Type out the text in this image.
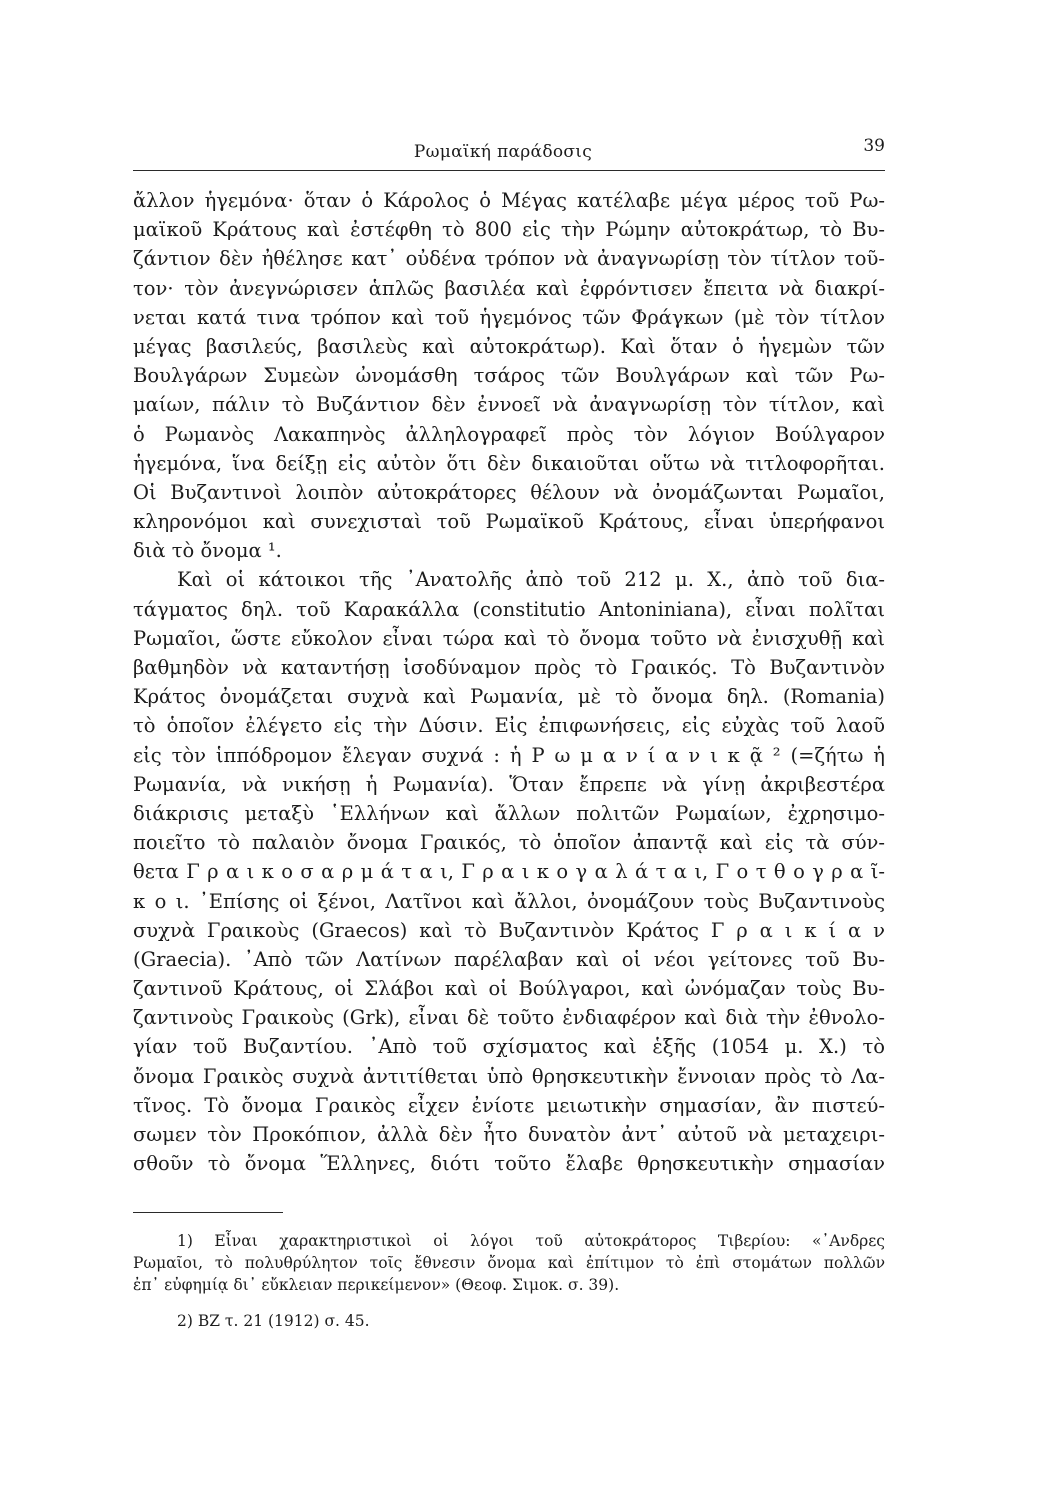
Ρωμαϊκή παράδοσις	39
ἄλλον ἡγεμόνα· ὅταν ὁ Κάρολος ὁ Μέγας κατέλαβε μέγα μέρος τοῦ Ρω-
μαϊκοῦ Κράτους καὶ ἐστέφθη τὸ 800 εἰς τὴν Ρώμην αὐτοκράτωρ, τὸ Βυ-
ζάντιον δὲν ἠθέλησε κατ᾽ οὐδένα τρόπον νὰ ἀναγνωρίσῃ τὸν τίτλον τοῦ-
τον· τὸν ἀνεγνώρισεν ἁπλῶς βασιλέα καὶ ἐφρόντισεν ἔπειτα νὰ διακρί-
νεται κατά τινα τρόπον καὶ τοῦ ἡγεμόνος τῶν Φράγκων (μὲ τὸν τίτλον
μέγας βασιλεύς, βασιλεὺς καὶ αὐτοκράτωρ). Καὶ ὅταν ὁ ἡγεμὼν τῶν
Βουλγάρων Συμεὼν ὠνομάσθη τσάρος τῶν Βουλγάρων καὶ τῶν Ρω-
μαίων, πάλιν τὸ Βυζάντιον δὲν ἐννοεῖ νὰ ἀναγνωρίσῃ τὸν τίτλον, καὶ
ὁ Ρωμανὸς Λακαπηνὸς ἀλληλογραφεῖ πρὸς τὸν λόγιον Βούλγαρον
ἡγεμόνα, ἵνα δείξῃ εἰς αὐτὸν ὅτι δὲν δικαιοῦται οὕτω νὰ τιτλοφορῆται.
Οἱ Βυζαντινοὶ λοιπὸν αὐτοκράτορες θέλουν νὰ ὀνομάζωνται Ρωμαῖοι,
κληρονόμοι καὶ συνεχισταὶ τοῦ Ρωμαϊκοῦ Κράτους, εἶναι ὑπερήφανοι
διὰ τὸ ὄνομα ¹.
Καὶ οἱ κάτοικοι τῆς ᾽Ανατολῆς ἀπὸ τοῦ 212 μ. Χ., ἀπὸ τοῦ δια-
τάγματος δηλ. τοῦ Καρακάλλα (constitutio Antoniniana), εἶναι πολῖται
Ρωμαῖοι, ὥστε εὔκολον εἶναι τώρα καὶ τὸ ὄνομα τοῦτο νὰ ἐνισχυθῇ καὶ
βαθμηδὸν νὰ καταντήσῃ ἰσοδύναμον πρὸς τὸ Γραικός. Τὸ Βυζαντινὸν
Κράτος ὀνομάζεται συχνὰ καὶ Ρωμανία, μὲ τὸ ὄνομα δηλ. (Romania)
τὸ ὁποῖον ἐλέγετο εἰς τὴν Δύσιν. Εἰς ἐπιφωνήσεις, εἰς εὐχὰς τοῦ λαοῦ
εἰς τὸν ἱππόδρομον ἔλεγαν συχνά : ἡ Ρ ω μ α ν ί α ν ι κ ᾷ ² (=ζήτω ἡ
Ρωμανία, νὰ νικήσῃ ἡ Ρωμανία). Ὅταν ἔπρεπε νὰ γίνῃ ἀκριβεστέρα
διάκρισις μεταξὺ ῾Ελλήνων καὶ ἄλλων πολιτῶν Ρωμαίων, ἐχρησιμο-
ποιεῖτο τὸ παλαιὸν ὄνομα Γραικός, τὸ ὁποῖον ἀπαντᾷ καὶ εἰς τὰ σύν-
θετα Γ ρ α ι κ ο σ α ρ μ ά τ α ι, Γ ρ α ι κ ο γ α λ ά τ α ι, Γ ο τ θ ο γ ρ α ῖ-
κ ο ι. ᾽Επίσης οἱ ξένοι, Λατῖνοι καὶ ἄλλοι, ὀνομάζουν τοὺς Βυζαντινοὺς
συχνὰ Γραικοὺς (Graecos) καὶ τὸ Βυζαντινὸν Κράτος Γ ρ α ι κ ί α ν
(Graecia). ᾽Απὸ τῶν Λατίνων παρέλαβαν καὶ οἱ νέοι γείτονες τοῦ Βυ-
ζαντινοῦ Κράτους, οἱ Σλάβοι καὶ οἱ Βούλγαροι, καὶ ὠνόμαζαν τοὺς Βυ-
ζαντινοὺς Γραικοὺς (Grk), εἶναι δὲ τοῦτο ἐνδιαφέρον καὶ διὰ τὴν ἐθνολο-
γίαν τοῦ Βυζαντίου. ᾽Απὸ τοῦ σχίσματος καὶ ἑξῆς (1054 μ. Χ.) τὸ
ὄνομα Γραικὸς συχνὰ ἀντιτίθεται ὑπὸ θρησκευτικὴν ἔννοιαν πρὸς τὸ Λα-
τῖνος. Τὸ ὄνομα Γραικὸς εἶχεν ἐνίοτε μειωτικὴν σημασίαν, ἂν πιστεύ-
σωμεν τὸν Προκόπιον, ἀλλὰ δὲν ἦτο δυνατὸν ἀντ᾽ αὐτοῦ νὰ μεταχειρι-
σθοῦν τὸ ὄνομα Ἕλληνες, διότι τοῦτο ἔλαβε θρησκευτικὴν σημασίαν
1) Εἶναι χαρακτηριστικοὶ οἱ λόγοι τοῦ αὐτοκράτορος Τιβερίου: «᾽Ανδρες
Ρωμαῖοι, τὸ πολυθρύλητον τοῖς ἔθνεσιν ὄνομα καὶ ἐπίτιμον τὸ ἐπὶ στομάτων πολλῶν
ἐπ᾽ εὐφημίᾳ δι᾽ εὔκλειαν περικείμενον» (Θεοφ. Σιμοκ. σ. 39).
2) BZ τ. 21 (1912) σ. 45.
